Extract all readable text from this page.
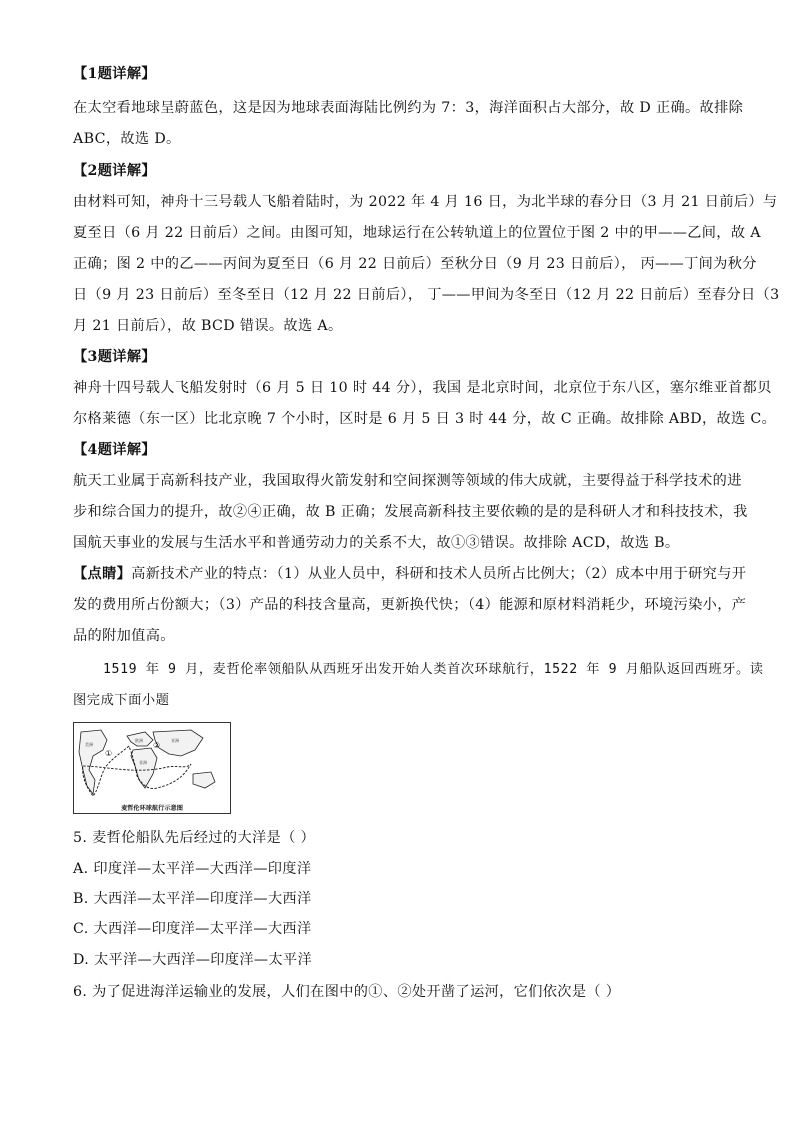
【1题详解】
在太空看地球呈蔚蓝色，这是因为地球表面海陆比例约为 7：3，海洋面积占大部分，故 D 正确。故排除
ABC，故选 D。
【2题详解】
由材料可知，神舟十三号载人飞船着陆时，为 2022 年 4 月 16 日，为北半球的春分日（3 月 21 日前后）与
夏至日（6 月 22 日前后）之间。由图可知，地球运行在公转轨道上的位置位于图 2 中的甲——乙间，故 A
正确；图 2 中的乙——丙间为夏至日（6 月 22 日前后）至秋分日（9 月 23 日前后）， 丙——丁间为秋分
日（9 月 23 日前后）至冬至日（12 月 22 日前后）， 丁——甲间为冬至日（12 月 22 日前后）至春分日（3
月 21 日前后），故 BCD 错误。故选 A。
【3题详解】
神舟十四号载人飞船发射时（6 月 5 日 10 时 44 分），我国 是北京时间，北京位于东八区，塞尔维亚首都贝
尔格莱德（东一区）比北京晚 7 个小时，区时是 6 月 5 日 3 时 44 分，故 C 正确。故排除 ABD，故选 C。
【4题详解】
航天工业属于高新科技产业，我国取得火箭发射和空间探测等领域的伟大成就，主要得益于科学技术的进
步和综合国力的提升，故②④正确，故 B 正确；发展高新科技主要依赖的是的是科研人才和科技技术，我
国航天事业的发展与生活水平和普通劳动力的关系不大，故①③错误。故排除 ACD，故选 B。
【点睛】高新技术产业的特点：（1）从业人员中，科研和技术人员所占比例大；（2）成本中用于研究与开
发的费用所占份额大；（3）产品的科技含量高，更新换代快；（4）能源和原材料消耗少，环境污染小，产
品的附加值高。
1519 年 9 月，麦哲伦率领船队从西班牙出发开始人类首次环球航行，1522 年 9 月船队返回西班牙。读
图完成下面小题
①
②
欧洲	亚洲
非洲
美洲
麦哲伦环球航行示意图
5. 麦哲伦船队先后经过的大洋是（ ）
A. 印度洋—太平洋—大西洋—印度洋
B. 大西洋—太平洋—印度洋—大西洋
C. 大西洋—印度洋—太平洋—大西洋
D. 太平洋—大西洋—印度洋—太平洋
6. 为了促进海洋运输业的发展，人们在图中的①、②处开凿了运河，它们依次是（ ）
